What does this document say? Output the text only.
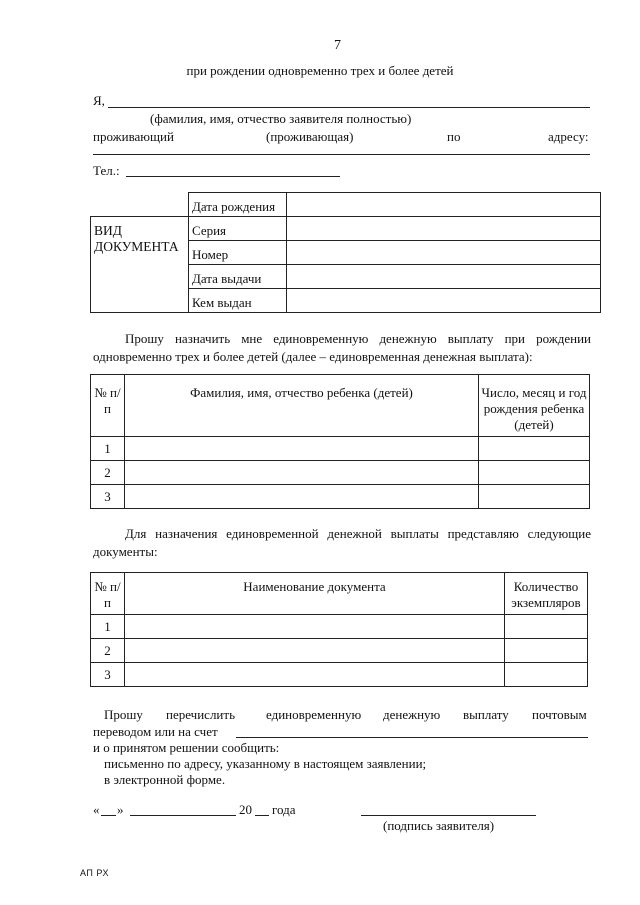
7
при рождении одновременно трех и более детей
Я,
(фамилия, имя, отчество заявителя полностью)
проживающий	(проживающая)	по	адресу:
Тел.:
	Дата рождения	
ВИД ДОКУМЕНТА	Серия	
	Номер	
	Дата выдачи	
	Кем выдан	
Прошу назначить мне единовременную денежную выплату при рождении одновременно трех и более детей (далее – единовременная денежная выплата):
№ п/п	Фамилия, имя, отчество ребенка (детей)	Число, месяц и год рождения ребенка (детей)
1		
2		
3		
Для назначения единовременной денежной выплаты представляю следующие документы:
№ п/п	Наименование документа	Количество экземпляров
1		
2		
3		
Прошу перечислить единовременную денежную выплату почтовым
переводом или на счет
и о принятом решении сообщить:
письменно по адресу, указанному в настоящем заявлении;
в электронной форме.
« »	20 года
(подпись заявителя)
АП РХ
